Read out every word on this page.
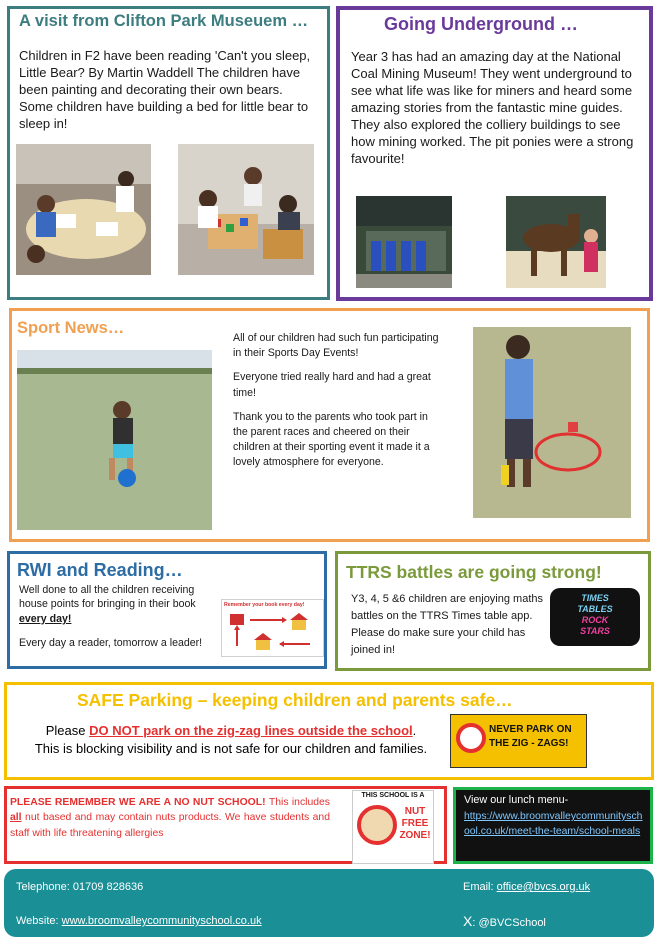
A visit from Clifton Park Museuem …
Children in F2 have been reading 'Can't you sleep, Little Bear? By Martin Waddell The children have been painting and decorating their own bears. Some children have building a bed for little bear to sleep in!
Going Underground …
Year 3 has had an amazing day at the National Coal Mining Museum! They went underground to see what life was like for miners and heard some amazing stories from the fantastic mine guides. They also explored the colliery buildings to see how mining worked. The pit ponies were a strong favourite!
Sport News…

All of our children had such fun participating in their Sports Day Events!

Everyone tried really hard and had a great time!

Thank you to the parents who took part in the parent races and cheered on their children at their sporting event it made it a lovely atmosphere for everyone.

RWI and Reading…

Well done to all the children receiving house points for bringing in their book every day!

Every day a reader, tomorrow a leader!

Remember your book every day!
TTRS battles are going strong!
Y3, 4, 5 &6 children are enjoying maths battles on the TTRS Times table app. Please do make sure your child has joined in!
TIMES
TABLES
ROCK
STARS
SAFE Parking – keeping children and parents safe…

Please DO NOT park on the zig-zag lines outside the school.

This is blocking visibility and is not safe for our children and families.

NEVER PARK ON
THE ZIG - ZAGS!
PLEASE REMEMBER WE ARE A NO NUT SCHOOL! This includes all nut based and may contain nuts products. We have students and staff with life threatening allergies
THIS SCHOOL IS A
NUT
FREE
ZONE!
View our lunch menu-
https://www.broomvalleycommunityschool.co.uk/meet-the-team/school-meals
Telephone: 01709 828636
Website: www.broomvalleycommunityschool.co.uk
Email: office@bvcs.org.uk
X: @BVCSchool
